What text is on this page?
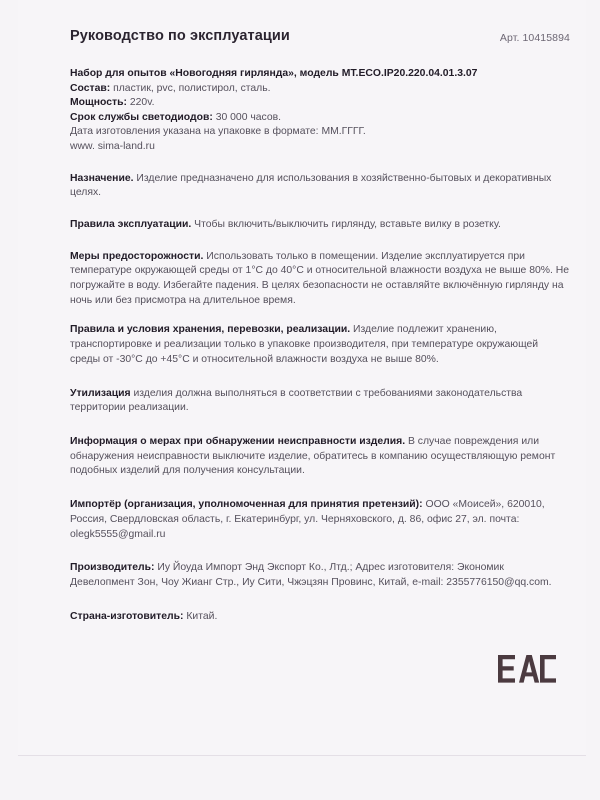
Руководство по эксплуатации	Арт. 10415894
Набор для опытов «Новогодняя гирлянда», модель MT.ECO.IP20.220.04.01.3.07
Состав: пластик, pvc, полистирол, сталь.
Мощность: 220v.
Срок службы светодиодов: 30 000 часов.
Дата изготовления указана на упаковке в формате: ММ.ГГГГ.
www. sima-land.ru

Назначение. Изделие предназначено для использования в хозяйственно-бытовых и декоративных целях.

Правила эксплуатации. Чтобы включить/выключить гирлянду, вставьте вилку в розетку.

Меры предосторожности. Использовать только в помещении. Изделие эксплуатируется при температуре окружающей среды от 1°С до 40°С и относительной влажности воздуха не выше 80%. Не погружайте в воду. Избегайте падения. В целях безопасности не оставляйте включённую гирлянду на ночь или без присмотра на длительное время.

Правила и условия хранения, перевозки, реализации. Изделие подлежит хранению, транспортировке и реализации только в упаковке производителя, при температуре окружающей среды от -30°С до +45°С и относительной влажности воздуха не выше 80%.

Утилизация изделия должна выполняться в соответствии с требованиями законодательства территории реализации.

Информация о мерах при обнаружении неисправности изделия. В случае повреждения или обнаружения неисправности выключите изделие, обратитесь в компанию осуществляющую ремонт подобных изделий для получения консультации.

Импортёр (организация, уполномоченная для принятия претензий): ООО «Моисей», 620010, Россия, Свердловская область, г. Екатеринбург, ул. Черняховского, д. 86, офис 27, эл. почта: olegk5555@gmail.ru

Производитель: Иу Йоуда Импорт Энд Экспорт Ко., Лтд.; Адрес изготовителя: Экономик Девелопмент Зон, Чоу Жианг Стр., Иу Сити, Чжэцзян Провинс, Китай, e-mail: 2355776150@qq.com.

Страна-изготовитель: Китай.
